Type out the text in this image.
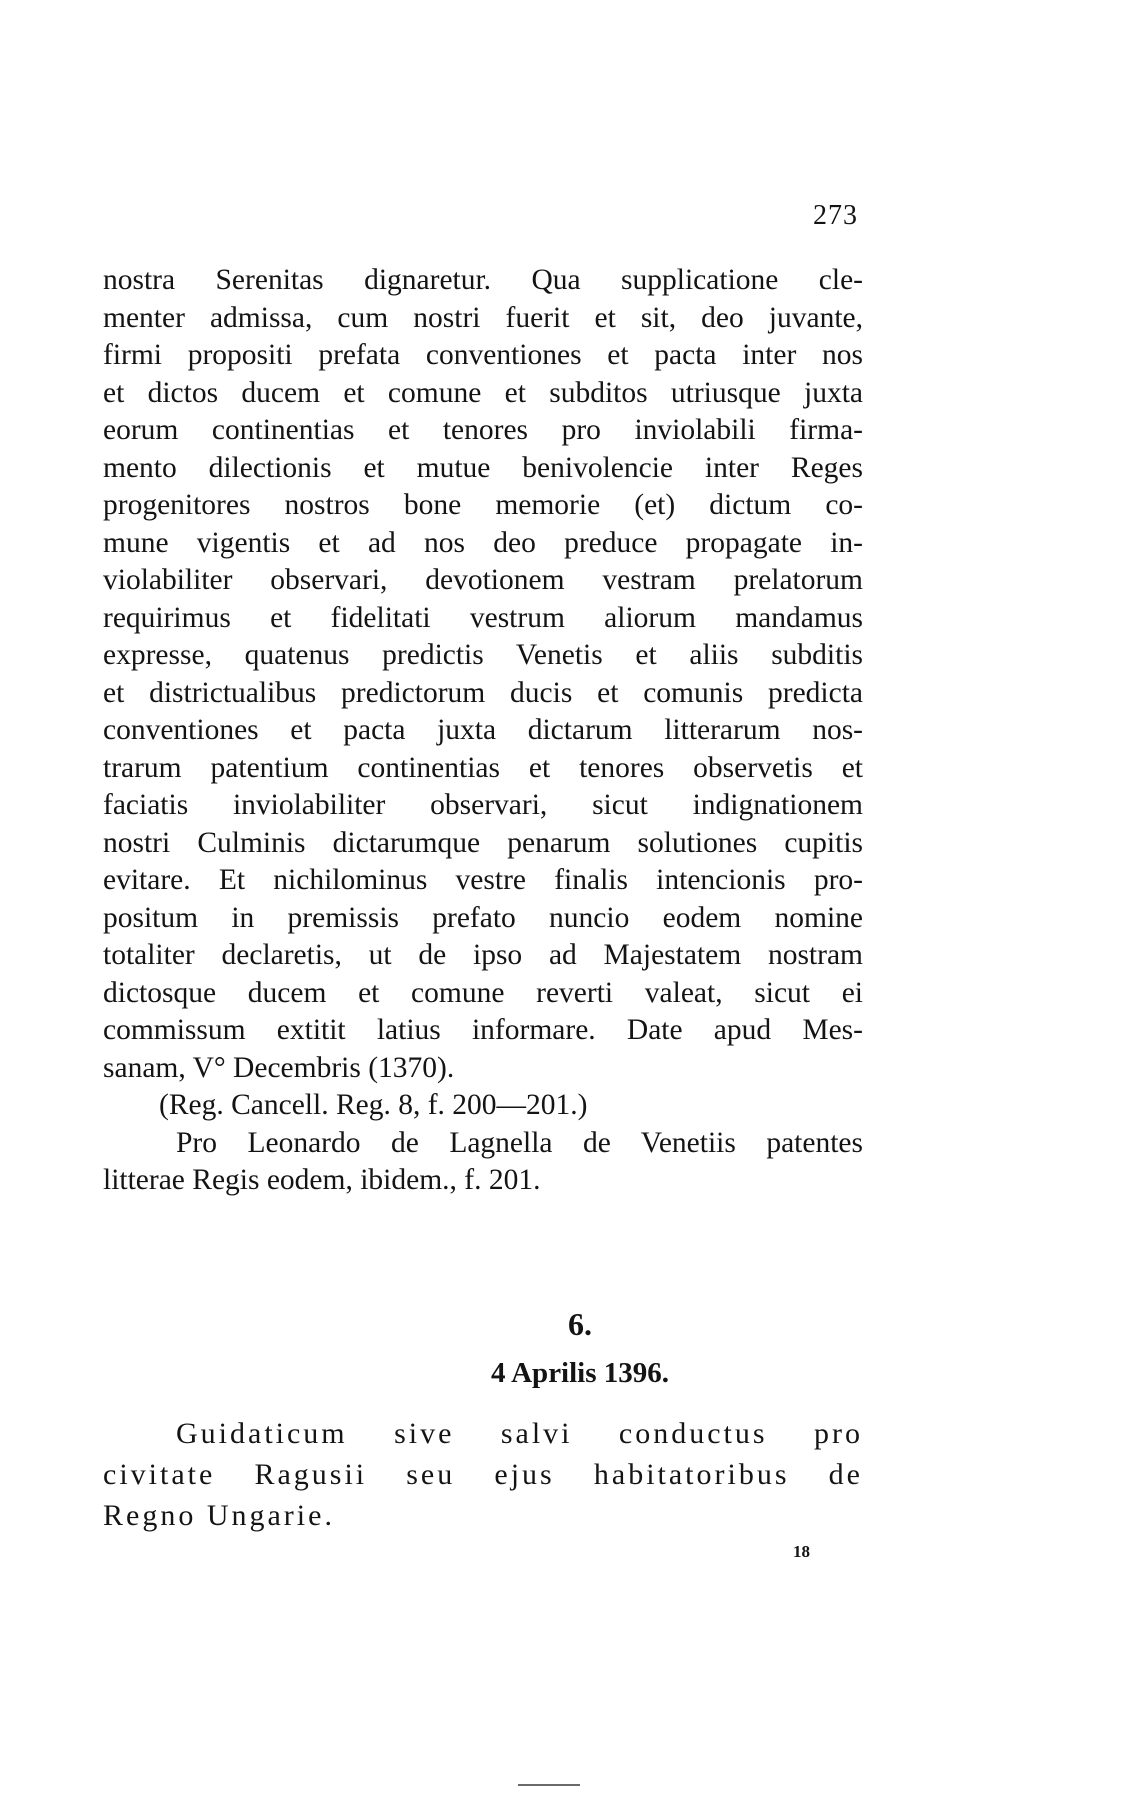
273
nostra Serenitas dignaretur. Qua supplicatione cle-
menter admissa, cum nostri fuerit et sit, deo juvante,
firmi propositi prefata conventiones et pacta inter nos
et dictos ducem et comune et subditos utriusque juxta
eorum continentias et tenores pro inviolabili firma-
mento dilectionis et mutue benivolencie inter Reges
progenitores nostros bone memorie (et) dictum co-
mune vigentis et ad nos deo preduce propagate in-
violabiliter observari, devotionem vestram prelatorum
requirimus et fidelitati vestrum aliorum mandamus
expresse, quatenus predictis Venetis et aliis subditis
et districtualibus predictorum ducis et comunis predicta
conventiones et pacta juxta dictarum litterarum nos-
trarum patentium continentias et tenores observetis et
faciatis inviolabiliter observari, sicut indignationem
nostri Culminis dictarumque penarum solutiones cupitis
evitare. Et nichilominus vestre finalis intencionis pro-
positum in premissis prefato nuncio eodem nomine
totaliter declaretis, ut de ipso ad Majestatem nostram
dictosque ducem et comune reverti valeat, sicut ei
commissum extitit latius informare. Date apud Mes-
sanam, V° Decembris (1370).
(Reg. Cancell. Reg. 8, f. 200—201.)
Pro Leonardo de Lagnella de Venetiis patentes
litterae Regis eodem, ibidem., f. 201.
6.
4 Aprilis 1396.
Guidaticum sive salvi conductus pro
civitate Ragusii seu ejus habitatoribus de
Regno Ungarie.
18
